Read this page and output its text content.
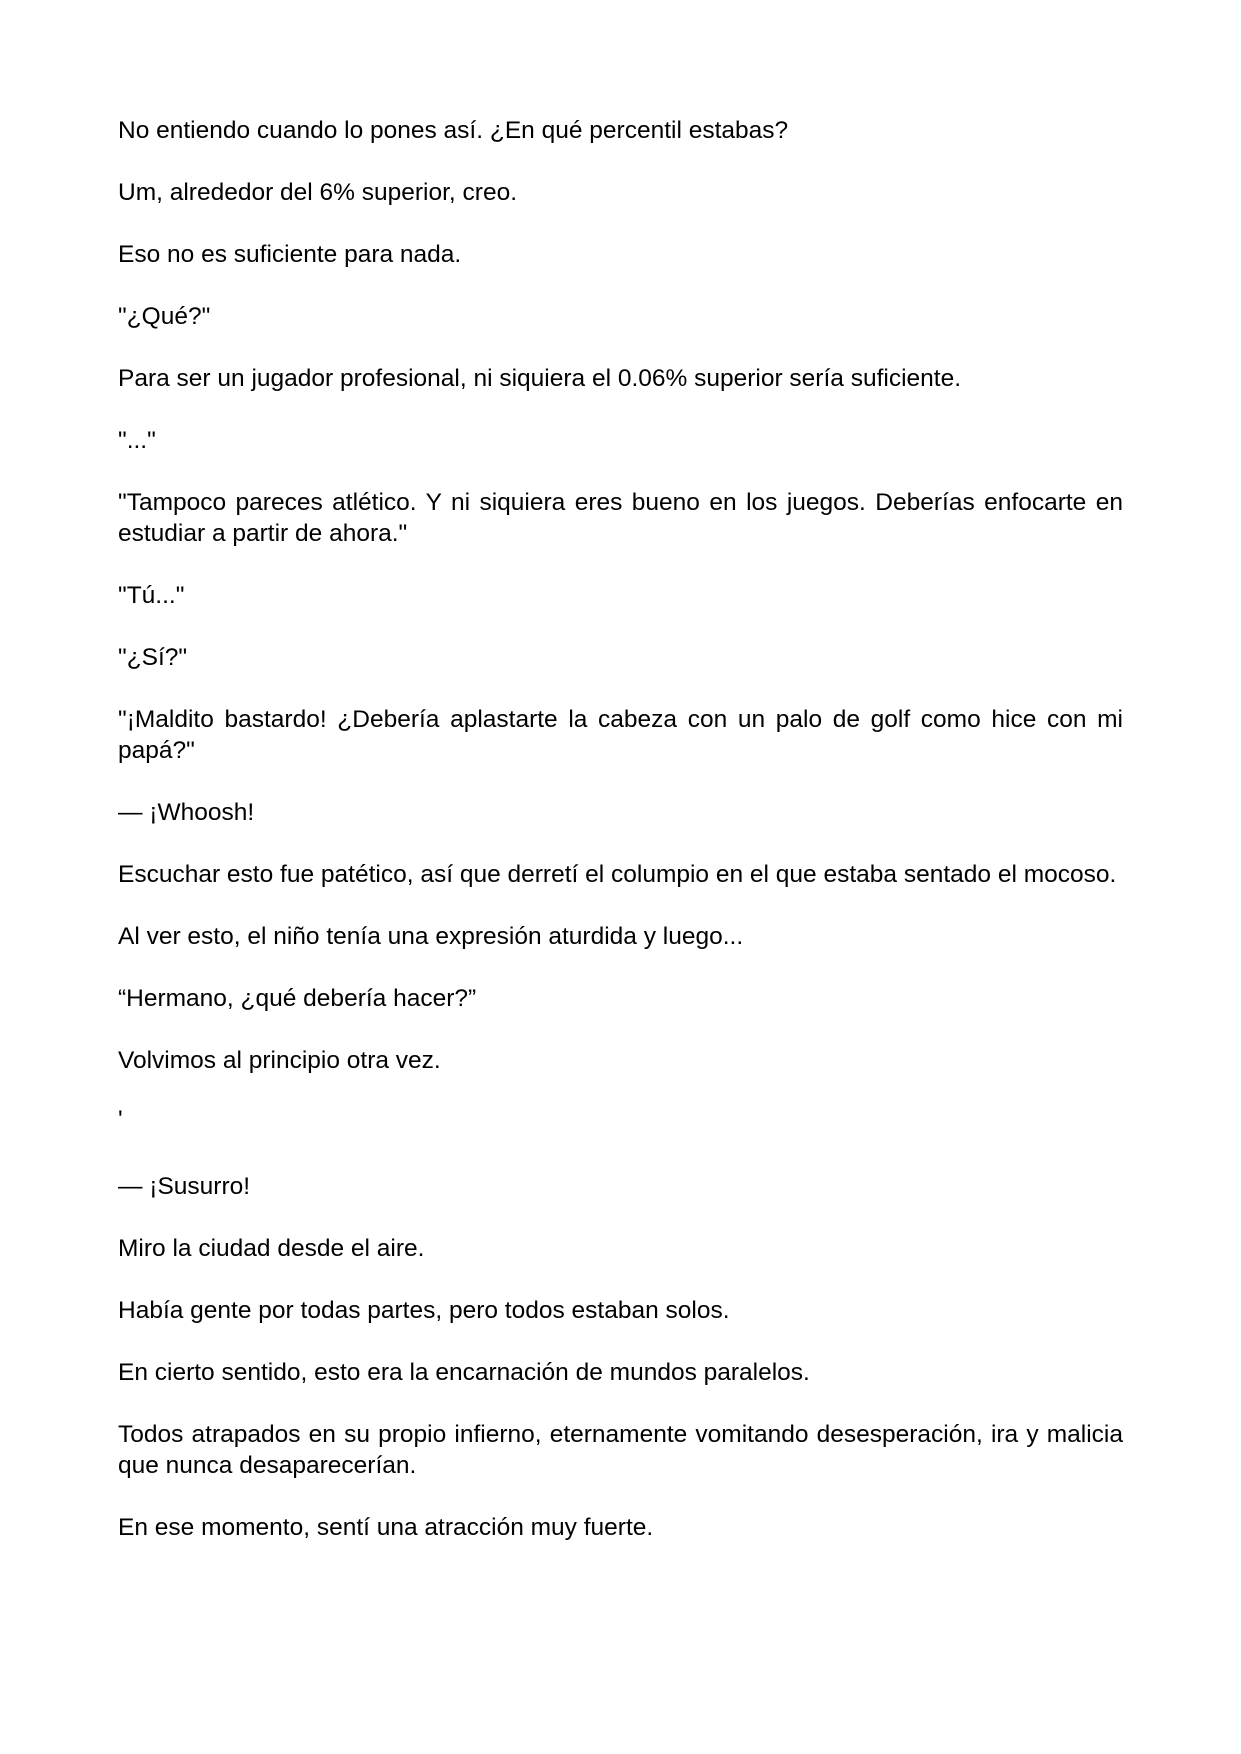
No entiendo cuando lo pones así. ¿En qué percentil estabas?

Um, alrededor del 6% superior, creo.

Eso no es suficiente para nada.

"¿Qué?"

Para ser un jugador profesional, ni siquiera el 0.06% superior sería suficiente.

"..."

"Tampoco pareces atlético. Y ni siquiera eres bueno en los juegos. Deberías enfocarte en estudiar a partir de ahora."

"Tú..."

"¿Sí?"

"¡Maldito bastardo! ¿Debería aplastarte la cabeza con un palo de golf como hice con mi papá?"

— ¡Whoosh!

Escuchar esto fue patético, así que derretí el columpio en el que estaba sentado el mocoso.

Al ver esto, el niño tenía una expresión aturdida y luego...

“Hermano, ¿qué debería hacer?”

Volvimos al principio otra vez.

'

— ¡Susurro!

Miro la ciudad desde el aire.

Había gente por todas partes, pero todos estaban solos.

En cierto sentido, esto era la encarnación de mundos paralelos.

Todos atrapados en su propio infierno, eternamente vomitando desesperación, ira y malicia que nunca desaparecerían.

En ese momento, sentí una atracción muy fuerte.
